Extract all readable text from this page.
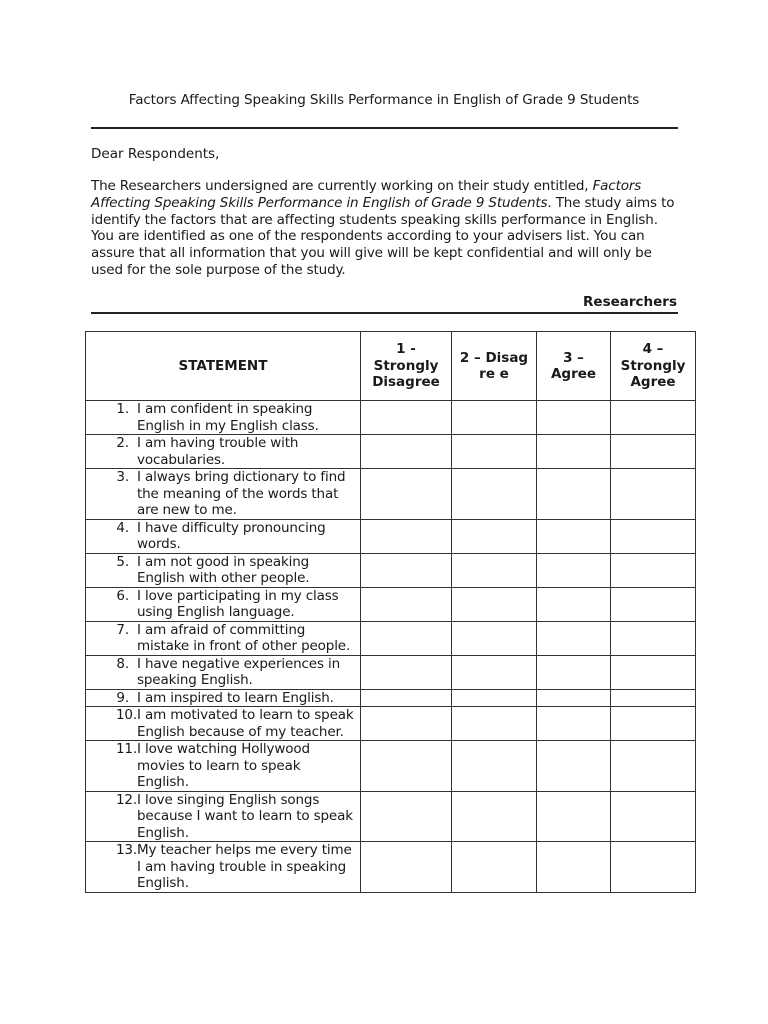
Factors Affecting Speaking Skills Performance in English of Grade 9 Students
Dear Respondents,
The Researchers undersigned are currently working on their study entitled, Factors Affecting Speaking Skills Performance in English of Grade 9 Students. The study aims to identify the factors that are affecting students speaking skills performance in English. You are identified as one of the respondents according to your advisers list. You can assure that all information that you will give will be kept confidential and will only be used for the sole purpose of the study.
Researchers
STATEMENT	1 - Strongly Disagree	2 – Disagre e	3 – Agree	4 – Strongly Agree

1. I am confident in speaking English in my English class.				

2. I am having trouble with vocabularies.				

3. I always bring dictionary to find the meaning of the words that are new to me.				

4. I have difficulty pronouncing words.				

5. I am not good in speaking English with other people.				

6. I love participating in my class using English language.				

7. I am afraid of committing mistake in front of other people.				

8. I have negative experiences in speaking English.				

9. I am inspired to learn English.				

10. I am motivated to learn to speak English because of my teacher.				

11. I love watching Hollywood movies to learn to speak English.				

12. I love singing English songs because I want to learn to speak English.				

13. My teacher helps me every time I am having trouble in speaking English.				
